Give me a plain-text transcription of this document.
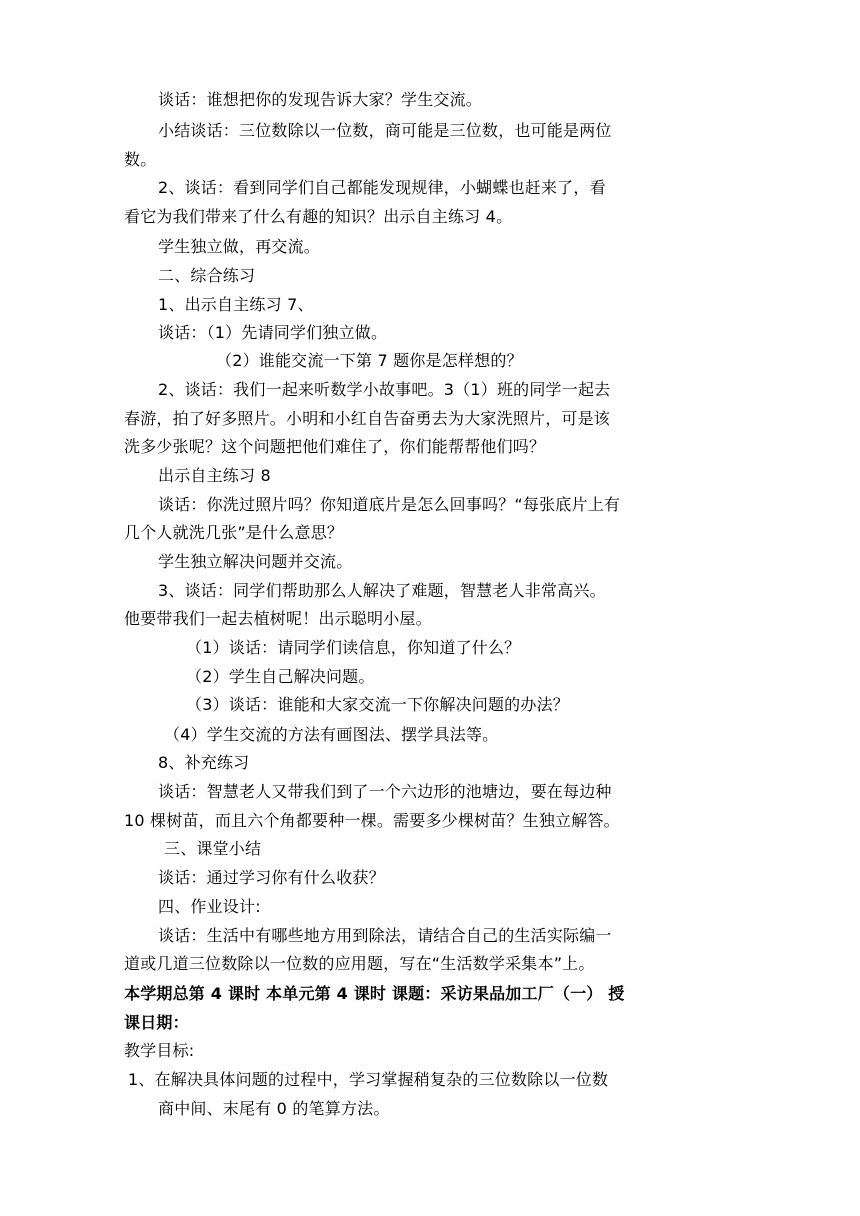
谈话：谁想把你的发现告诉大家？学生交流。
小结谈话：三位数除以一位数，商可能是三位数，也可能是两位
数。
2、谈话：看到同学们自己都能发现规律，小蝴蝶也赶来了，看
看它为我们带来了什么有趣的知识？出示自主练习 4。
学生独立做，再交流。
二、综合练习
1、出示自主练习 7、
谈话：（1）先请同学们独立做。
（2）谁能交流一下第 7 题你是怎样想的？
2、谈话：我们一起来听数学小故事吧。3（1）班的同学一起去
春游，拍了好多照片。小明和小红自告奋勇去为大家洗照片，可是该
洗多少张呢？这个问题把他们难住了，你们能帮帮他们吗？
出示自主练习 8
谈话：你洗过照片吗？你知道底片是怎么回事吗？“每张底片上有
几个人就洗几张”是什么意思？
学生独立解决问题并交流。
3、谈话：同学们帮助那么人解决了难题，智慧老人非常高兴。
他要带我们一起去植树呢！出示聪明小屋。
（1）谈话：请同学们读信息，你知道了什么？
（2）学生自己解决问题。
（3）谈话：谁能和大家交流一下你解决问题的办法？
（4）学生交流的方法有画图法、摆学具法等。
8、补充练习
谈话：智慧老人又带我们到了一个六边形的池塘边，要在每边种
10 棵树苗，而且六个角都要种一棵。需要多少棵树苗？生独立解答。
三、课堂小结
谈话：通过学习你有什么收获？
四、作业设计:
谈话：生活中有哪些地方用到除法，请结合自己的生活实际编一
道或几道三位数除以一位数的应用题，写在“生活数学采集本”上。
本学期总第 4 课时 本单元第 4 课时 课题：采访果品加工厂（一） 授
课日期：
教学目标:
1、在解决具体问题的过程中，学习掌握稍复杂的三位数除以一位数
商中间、末尾有 0 的笔算方法。
